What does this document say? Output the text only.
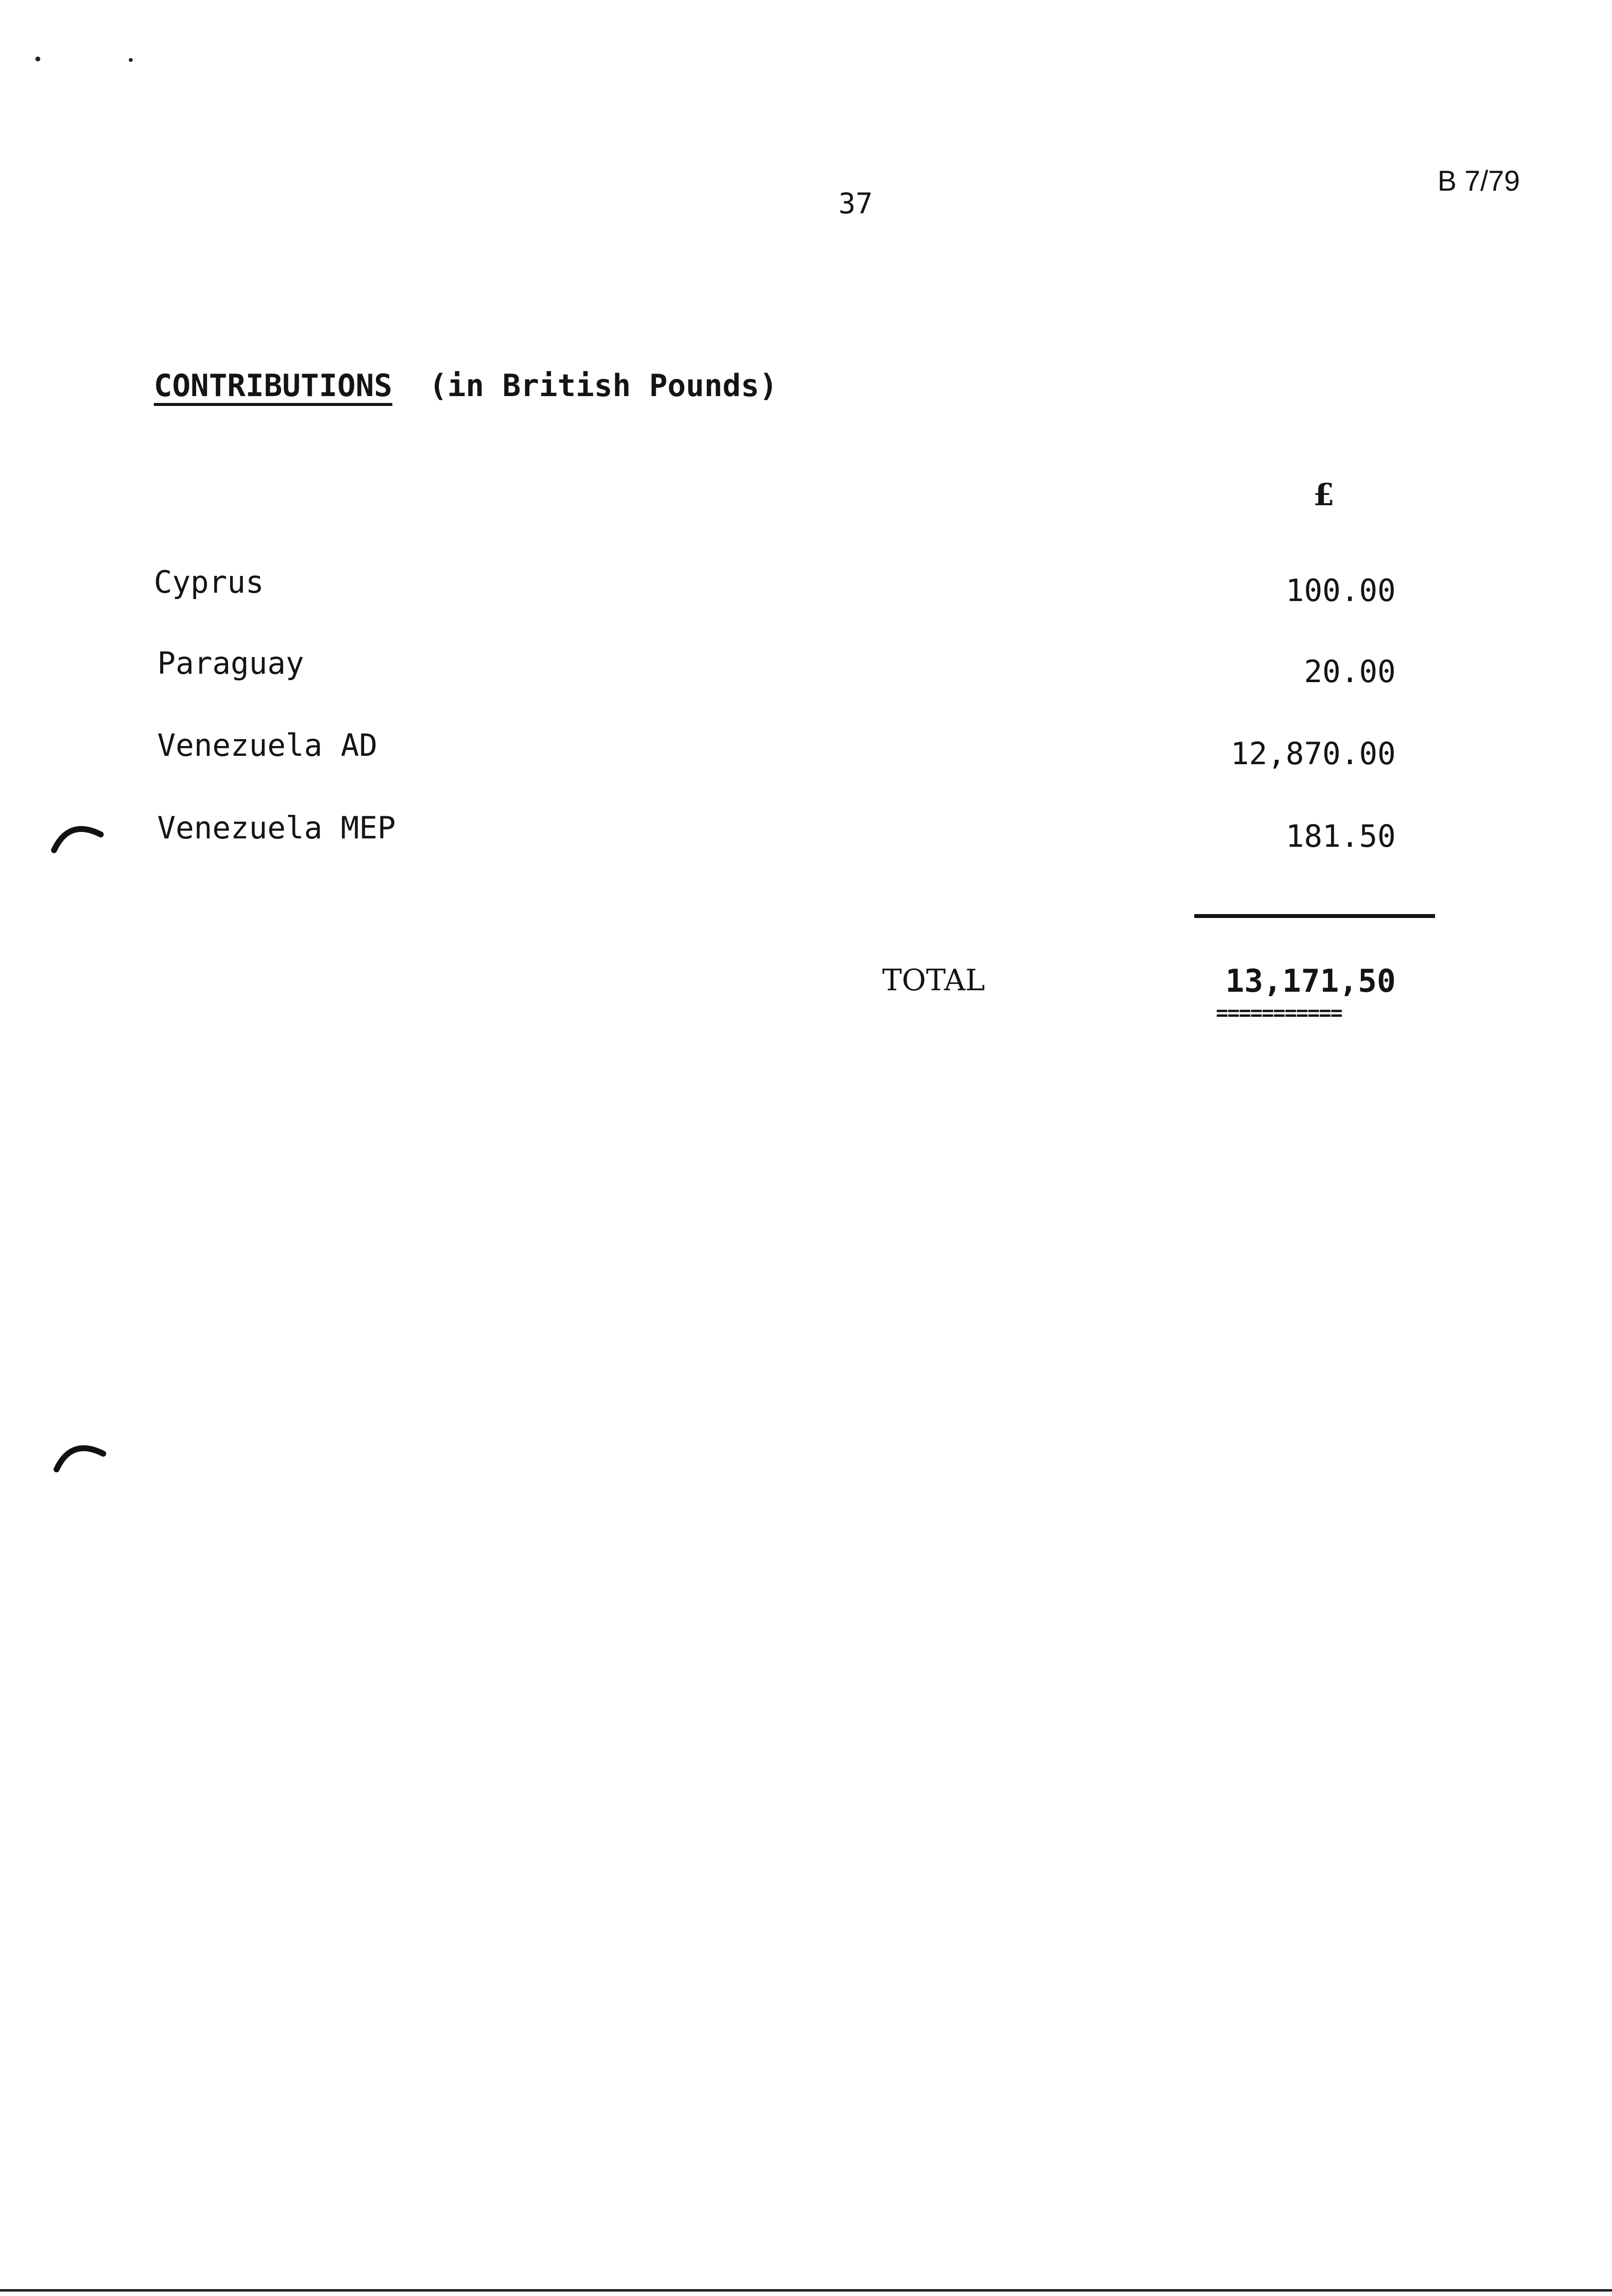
37
B 7/79
CONTRIBUTIONS (in British Pounds)
£
Cyprus	100.00
Paraguay	20.00
Venezuela AD	12,870.00
Venezuela MEP	181.50
TOTAL	13,171,50
===========
